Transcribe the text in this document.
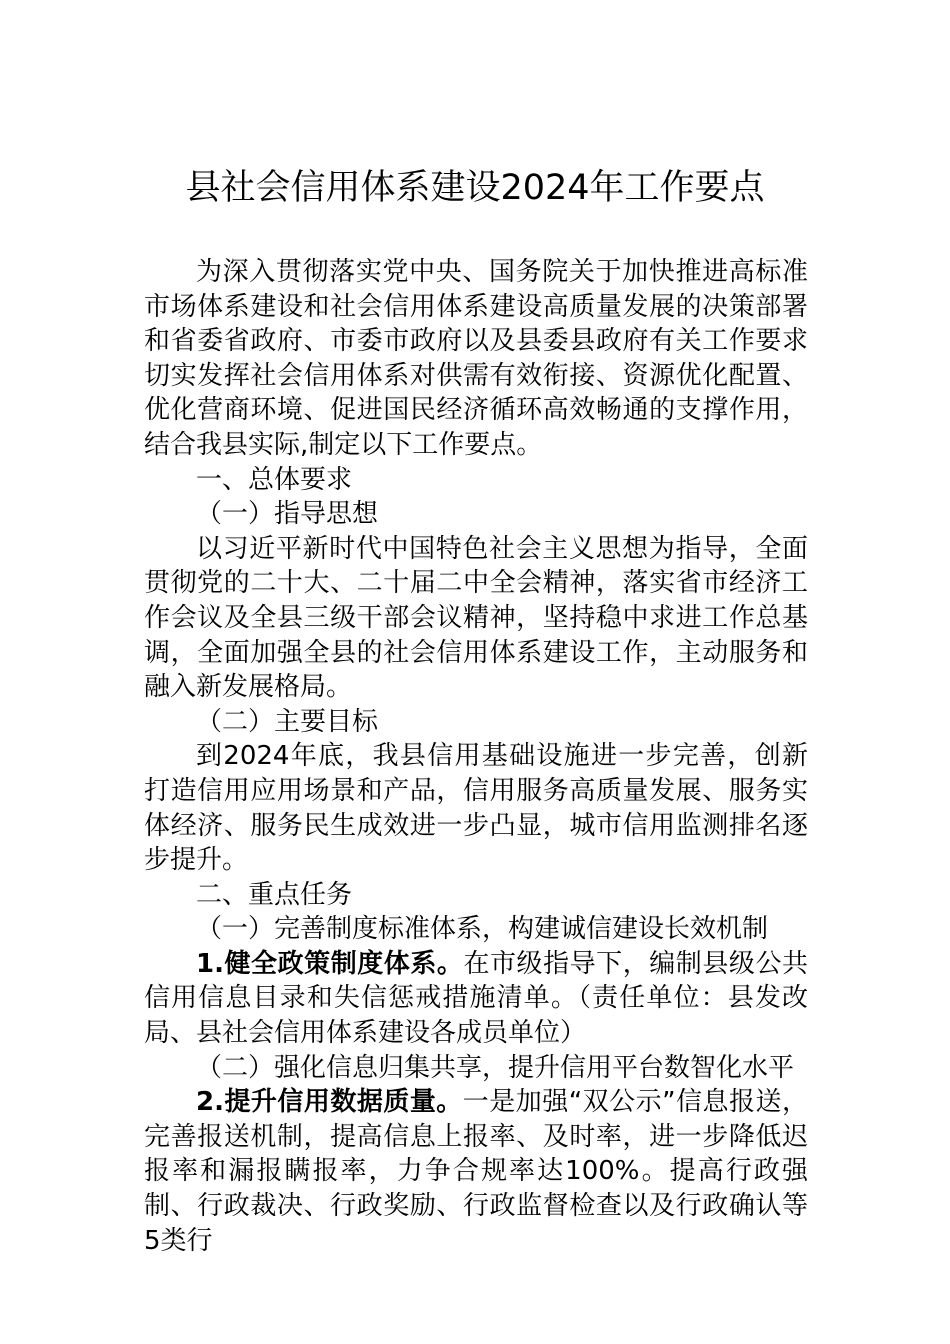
县社会信用体系建设2024年工作要点

为深入贯彻落实党中央、国务院关于加快推进高标准市场体系建设和社会信用体系建设高质量发展的决策部署和省委省政府、市委市政府以及县委县政府有关工作要求切实发挥社会信用体系对供需有效衔接、资源优化配置、优化营商环境、促进国民经济循环高效畅通的支撑作用，结合我县实际,制定以下工作要点。

一、总体要求

（一）指导思想

以习近平新时代中国特色社会主义思想为指导，全面贯彻党的二十大、二十届二中全会精神，落实省市经济工作会议及全县三级干部会议精神，坚持稳中求进工作总基调，全面加强全县的社会信用体系建设工作，主动服务和融入新发展格局。

（二）主要目标

到2024年底，我县信用基础设施进一步完善，创新打造信用应用场景和产品，信用服务高质量发展、服务实体经济、服务民生成效进一步凸显，城市信用监测排名逐步提升。

二、重点任务

（一）完善制度标准体系，构建诚信建设长效机制

1.健全政策制度体系。在市级指导下，编制县级公共信用信息目录和失信惩戒措施清单。（责任单位：县发改局、县社会信用体系建设各成员单位）

（二）强化信息归集共享，提升信用平台数智化水平

2.提升信用数据质量。一是加强“双公示”信息报送，完善报送机制，提高信息上报率、及时率，进一步降低迟报率和漏报瞒报率，力争合规率达100%。提高行政强制、行政裁决、行政奖励、行政监督检查以及行政确认等5类行
